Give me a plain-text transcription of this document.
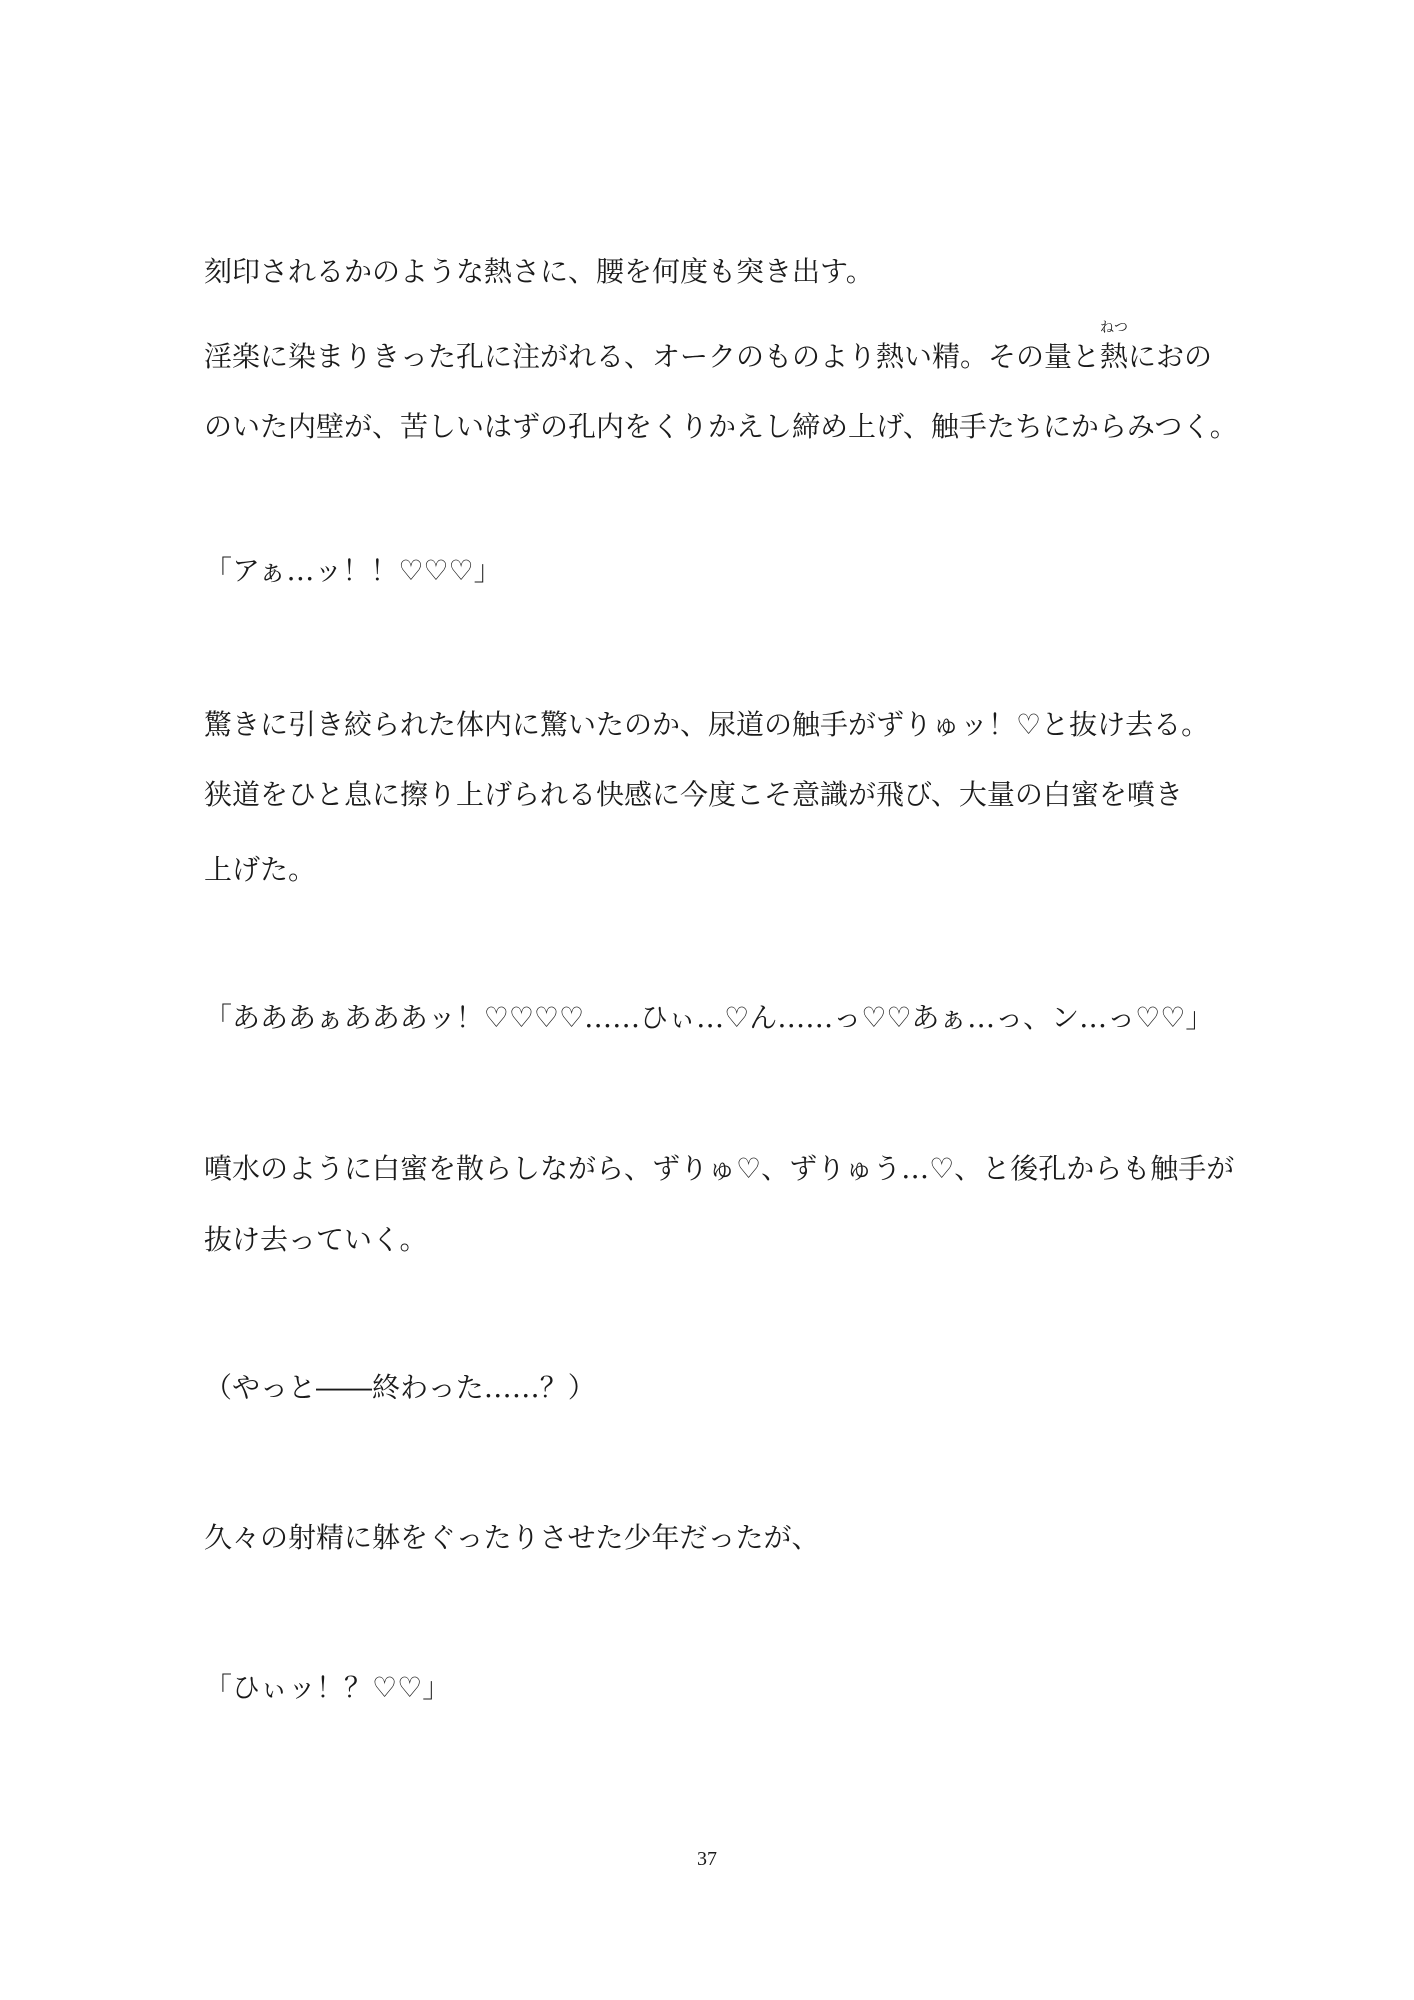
刻印されるかのような熱さに、腰を何度も突き出す。

淫楽に染まりきった孔に注がれる、オークのものより熱い精。その量と熱
ねつ
におの

のいた内壁が、苦しいはずの孔内をくりかえし締め上げ、触手たちにからみつく。

「アぁ…ッ！！♡♡♡」

驚きに引き絞られた体内に驚いたのか、尿道の触手がずりゅッ！♡と抜け去る。

狭道をひと息に擦り上げられる快感に今度こそ意識が飛び、大量の白蜜を噴き

上げた。

「あああぁあああッ！♡♡♡♡……ひぃ…♡ん……っ♡♡あぁ…っ、ン…っ♡♡」

噴水のように白蜜を散らしながら、ずりゅ♡、ずりゅう…♡、と後孔からも触手が

抜け去っていく。

（やっと――終わった……？）

久々の射精に躰をぐったりさせた少年だったが、

「ひぃッ！？♡♡」

37
